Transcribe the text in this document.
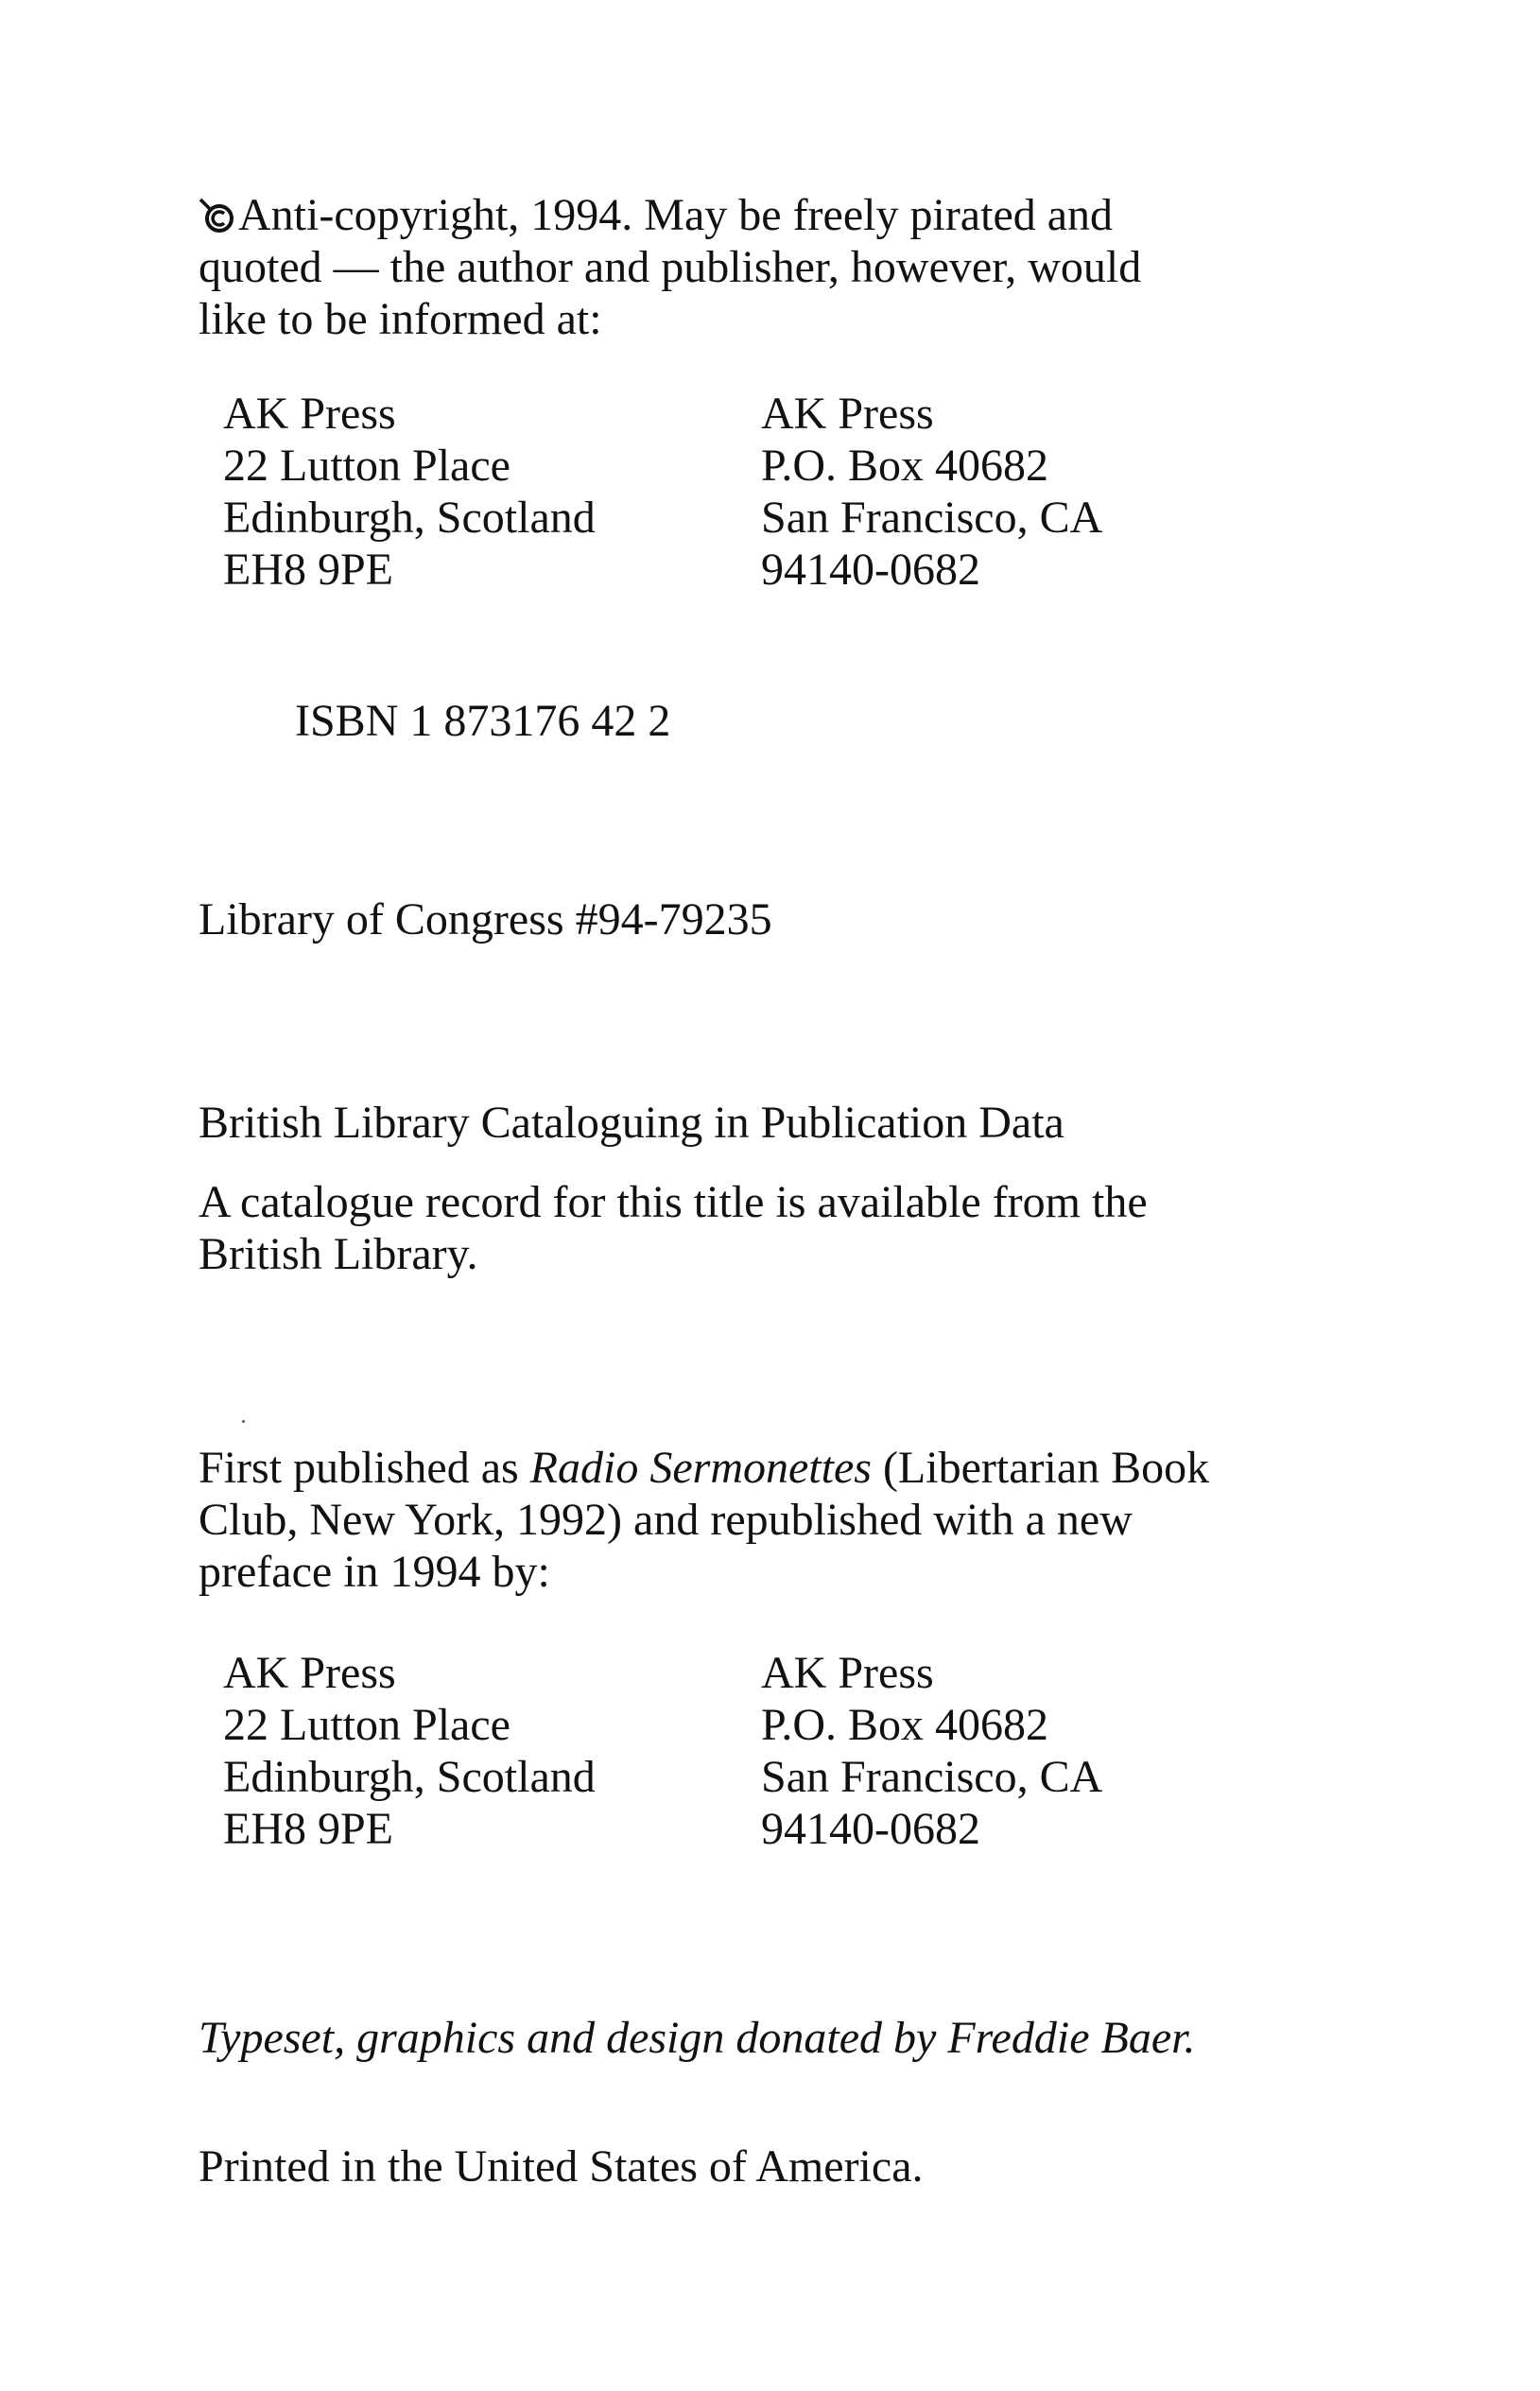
Anti-copyright, 1994. May be freely pirated and

quoted — the author and publisher, however, would

like to be informed at:

AK Press

22 Lutton Place

Edinburgh, Scotland

EH8 9PE

AK Press

P.O. Box 40682

San Francisco, CA

94140-0682

ISBN 1 873176 42 2

Library of Congress #94-79235

British Library Cataloguing in Publication Data

A catalogue record for this title is available from the

British Library.

First published as Radio Sermonettes (Libertarian Book

Club, New York, 1992) and republished with a new

preface in 1994 by:

AK Press

22 Lutton Place

Edinburgh, Scotland

EH8 9PE

AK Press

P.O. Box 40682

San Francisco, CA

94140-0682

Typeset, graphics and design donated by Freddie Baer.

Printed in the United States of America.
